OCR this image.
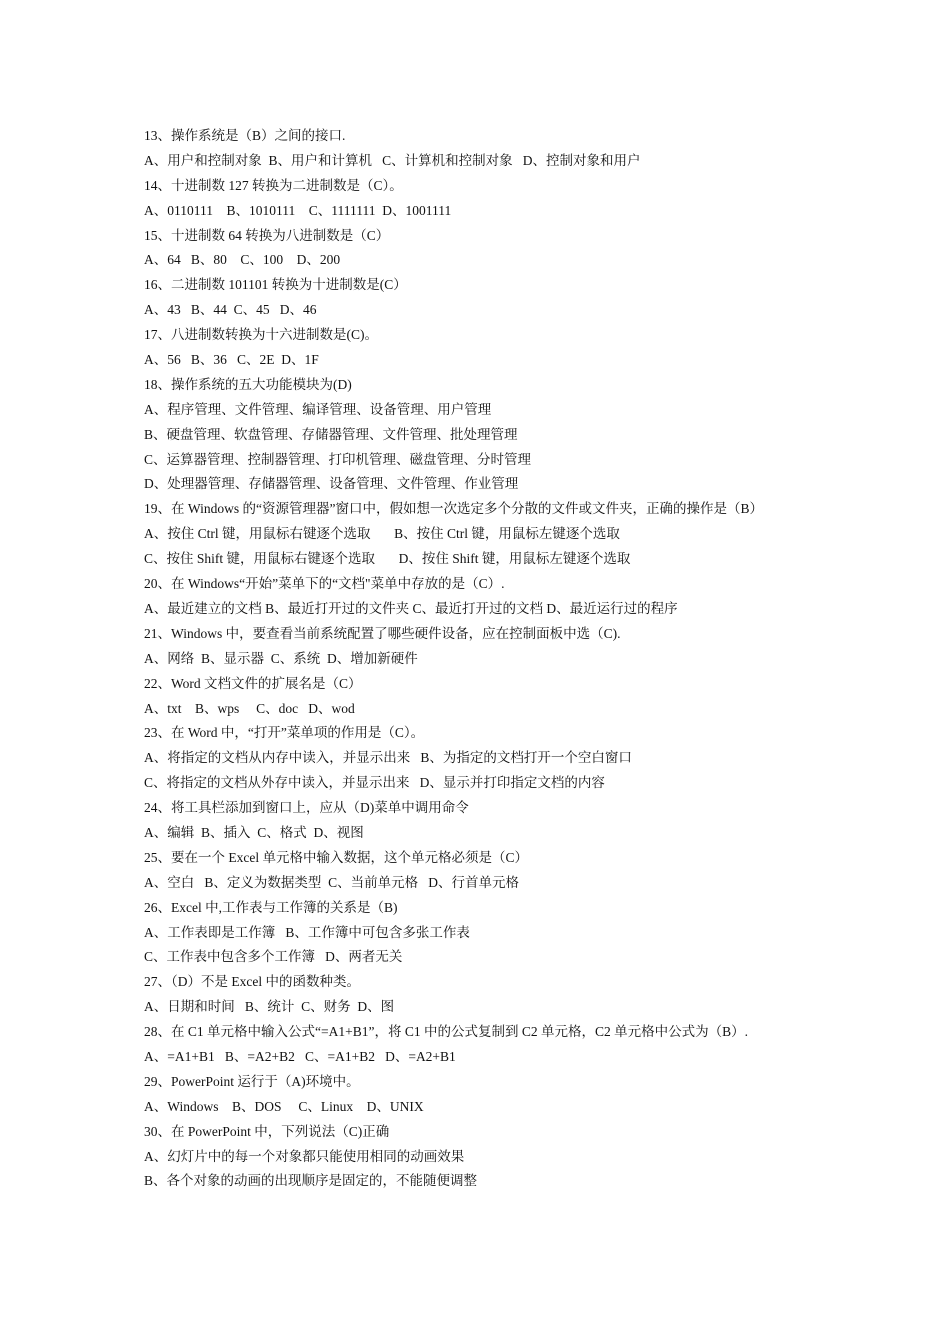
13、操作系统是（B）之间的接口.
A、用户和控制对象  B、用户和计算机   C、计算机和控制对象   D、控制对象和用户
14、十进制数 127 转换为二进制数是（C）。
A、0110111    B、1010111    C、1111111  D、1001111
15、十进制数 64 转换为八进制数是（C）
A、64   B、80    C、100    D、200
16、二进制数 101101 转换为十进制数是(C）
A、43   B、44  C、45   D、46
17、八进制数转换为十六进制数是(C)。
A、56   B、36   C、2E  D、1F
18、操作系统的五大功能模块为(D)
A、程序管理、文件管理、编译管理、设备管理、用户管理
B、硬盘管理、软盘管理、存储器管理、文件管理、批处理管理
C、运算器管理、控制器管理、打印机管理、磁盘管理、分时管理
D、处理器管理、存储器管理、设备管理、文件管理、作业管理
19、在 Windows 的“资源管理器”窗口中，假如想一次选定多个分散的文件或文件夹，正确的操作是（B）
A、按住 Ctrl 键，用鼠标右键逐个选取       B、按住 Ctrl 键，用鼠标左键逐个选取
C、按住 Shift 键，用鼠标右键逐个选取       D、按住 Shift 键，用鼠标左键逐个选取
20、在 Windows“开始”菜单下的“文档"菜单中存放的是（C）.
A、最近建立的文档 B、最近打开过的文件夹 C、最近打开过的文档 D、最近运行过的程序
21、Windows 中，要查看当前系统配置了哪些硬件设备，应在控制面板中选（C).
A、网络  B、显示器  C、系统  D、增加新硬件
22、Word 文档文件的扩展名是（C）
A、txt    B、wps     C、doc   D、wod
23、在 Word 中，“打开”菜单项的作用是（C）。
A、将指定的文档从内存中读入，并显示出来   B、为指定的文档打开一个空白窗口
C、将指定的文档从外存中读入，并显示出来   D、显示并打印指定文档的内容
24、将工具栏添加到窗口上，应从（D)菜单中调用命令
A、编辑  B、插入  C、格式  D、视图
25、要在一个 Excel 单元格中输入数据，这个单元格必须是（C）
A、空白   B、定义为数据类型  C、当前单元格   D、行首单元格
26、Excel 中,工作表与工作簿的关系是（B)
A、工作表即是工作簿   B、工作簿中可包含多张工作表
C、工作表中包含多个工作簿   D、两者无关
27、（D）不是 Excel 中的函数种类。
A、日期和时间   B、统计  C、财务  D、图
28、在 C1 单元格中输入公式“=A1+B1”，将 C1 中的公式复制到 C2 单元格，C2 单元格中公式为（B）.
A、=A1+B1   B、=A2+B2   C、=A1+B2   D、=A2+B1
29、PowerPoint 运行于（A)环境中。
A、Windows    B、DOS     C、Linux    D、UNIX
30、在 PowerPoint 中，下列说法（C)正确
A、幻灯片中的每一个对象都只能使用相同的动画效果
B、各个对象的动画的出现顺序是固定的，不能随便调整
